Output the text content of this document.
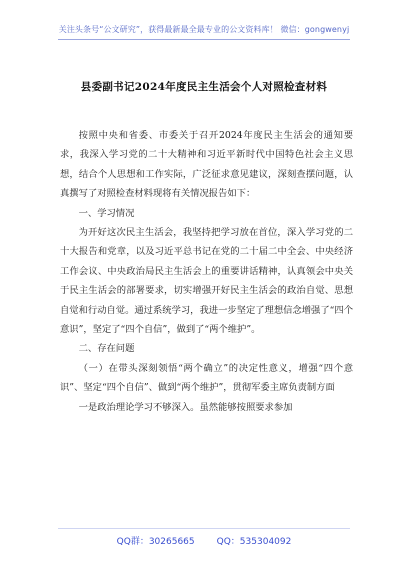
关注头条号“公文研究”，获得最新最全最专业的公文资料库！ 微信：gongwenyj
县委副书记2024年度民主生活会个人对照检查材料

按照中央和省委、市委关于召开2024年度民主生活会的通知要求，我深入学习党的二十大精神和习近平新时代中国特色社会主义思想，结合个人思想和工作实际，广泛征求意见建议，深刻查摆问题，认真撰写了对照检查材料现将有关情况报告如下：

一、学习情况

为开好这次民主生活会，我坚持把学习放在首位，深入学习党的二十大报告和党章，以及习近平总书记在党的二十届二中全会、中央经济工作会议、中央政治局民主生活会上的重要讲话精神，认真领会中央关于民主生活会的部署要求，切实增强开好民主生活会的政治自觉、思想自觉和行动自觉。通过系统学习，我进一步坚定了理想信念增强了“四个意识”，坚定了“四个自信”，做到了“两个维护”。

二、存在问题

（一）在带头深刻领悟“两个确立”的决定性意义，增强“四个意识”、坚定“四个自信”、做到“两个维护”，贯彻军委主席负责制方面

一是政治理论学习不够深入。虽然能够按照要求参加

QQ群：30265665 QQ：535304092
